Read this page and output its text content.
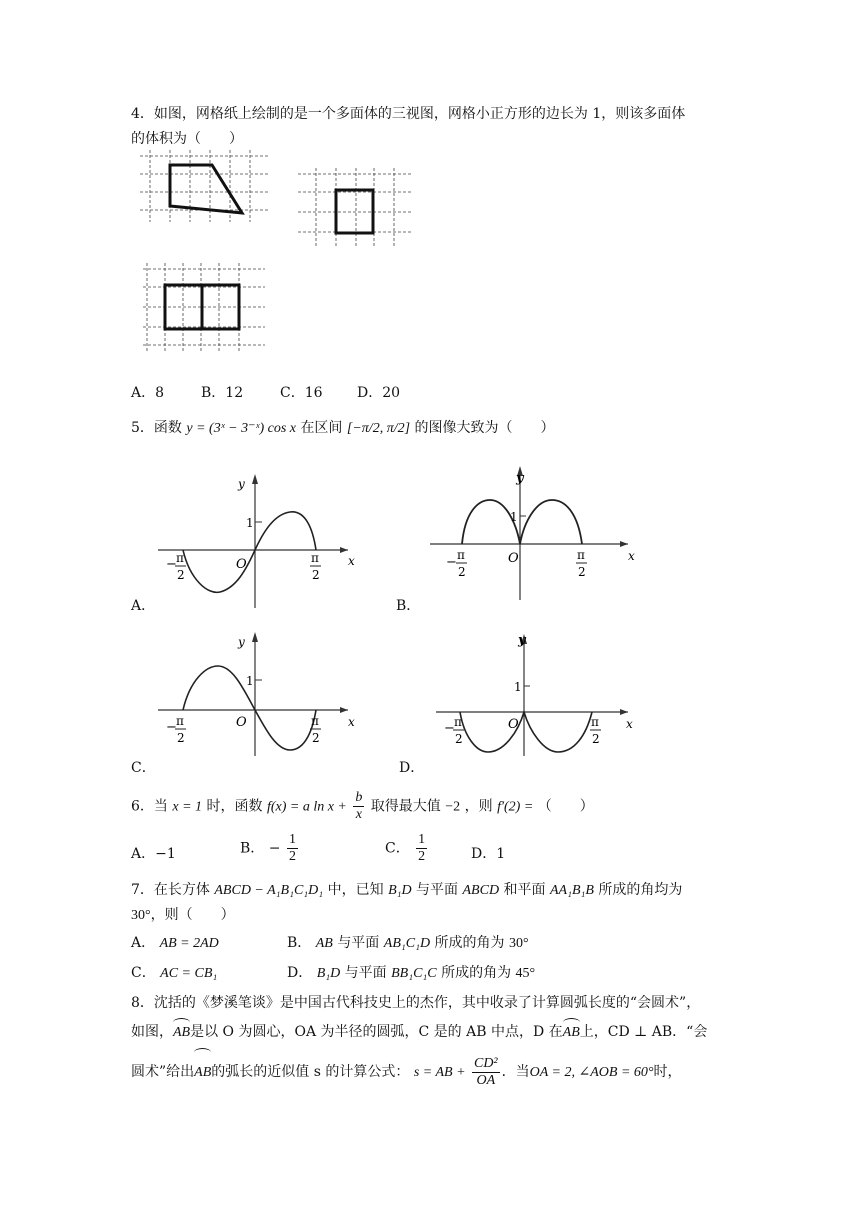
4．如图，网格纸上绘制的是一个多面体的三视图，网格小正方形的边长为 1，则该多面体
的体积为（　　）
A．8	B．12	C．16 D．20
5．函数 y = (3ˣ − 3⁻ˣ) cos x 在区间 [−π/2, π/2] 的图像大致为（　　）
y
x
O
1
− π
2
π
2
A．
y
x
O
1
− π
2
π
2
B．
y
x
O
1
− π
2
π
2
C．
y
x
O
1
− π
2
π
2
D．
6．当 x = 1 时，函数 f(x) = a $\ln x + \frac{b}{x}$ 取得最大值 −2 ，则 f′(2) = （　　）
A．−1	B． − $\frac{1}{2}$	C． $\frac{1}{2}$	D．1
7．在长方体 ABCD − A₁B₁C₁D₁ 中，已知 B₁D 与平面 ABCD 和平面 AA₁B₁B 所成的角均为
30°，则（　　）
A． AB = 2AD	B． AB 与平面 AB₁C₁D 所成的角为 30°
C． AC = CB₁	D． B₁D 与平面 BB₁C₁C 所成的角为 45°
8．沈括的《梦溪笔谈》是中国古代科技史上的杰作，其中收录了计算圆弧长度的“会圆术”，
如图，AB是以 O 为圆心，OA 为半径的圆弧，C 是的 AB 中点，D 在AB上，CD ⊥ AB．“会
圆术”给出AB的弧长的近似值 s 的计算公式： s = AB + $\frac{\text{CD²}}{OA}$ ．当OA = 2, ∠AOB = 60°时，
